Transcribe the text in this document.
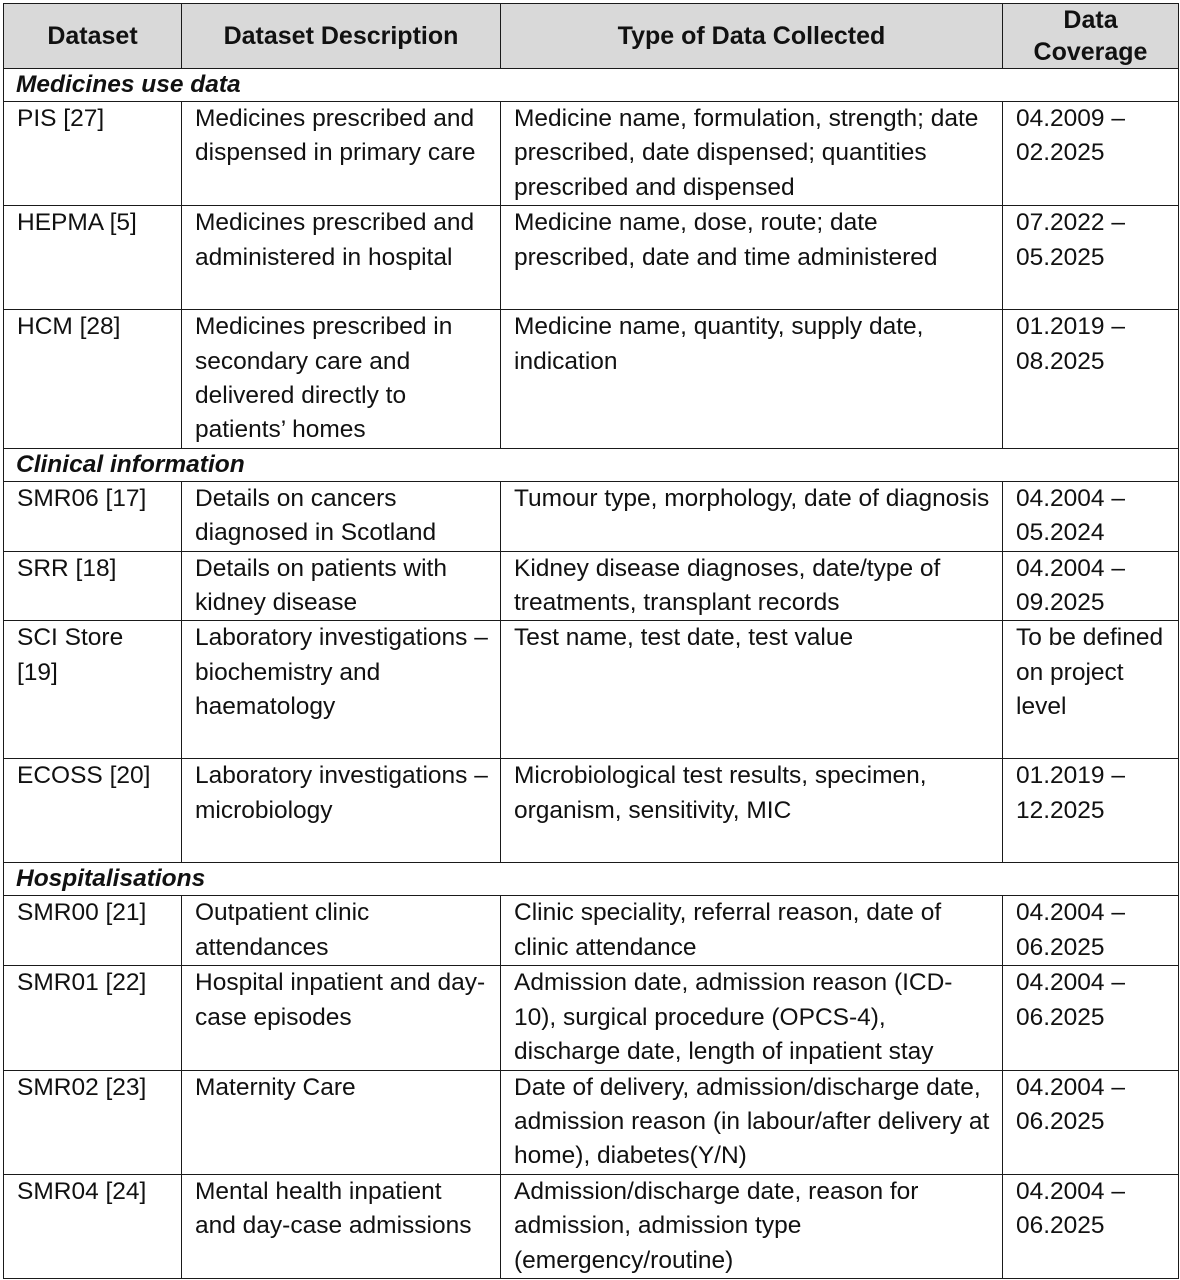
Dataset	Dataset Description	Type of Data Collected	Data Coverage
Medicines use data			
PIS [27]	Medicines prescribed and dispensed in primary care	Medicine name, formulation, strength; date prescribed, date dispensed; quantities prescribed and dispensed	04.2009 – 02.2025
HEPMA [5]	Medicines prescribed and administered in hospital	Medicine name, dose, route; date prescribed, date and time administered	07.2022 – 05.2025
HCM [28]	Medicines prescribed in secondary care and delivered directly to patients’ homes	Medicine name, quantity, supply date, indication	01.2019 – 08.2025
Clinical information			
SMR06 [17]	Details on cancers diagnosed in Scotland	Tumour type, morphology, date of diagnosis	04.2004 – 05.2024
SRR [18]	Details on patients with kidney disease	Kidney disease diagnoses, date/type of treatments, transplant records	04.2004 – 09.2025
SCI Store [19]	Laboratory investigations – biochemistry and haematology	Test name, test date, test value	To be defined on project level
ECOSS [20]	Laboratory investigations – microbiology	Microbiological test results, specimen, organism, sensitivity, MIC	01.2019 – 12.2025
Hospitalisations			
SMR00 [21]	Outpatient clinic attendances	Clinic speciality, referral reason, date of clinic attendance	04.2004 – 06.2025
SMR01 [22]	Hospital inpatient and day-case episodes	Admission date, admission reason (ICD-10), surgical procedure (OPCS-4), discharge date, length of inpatient stay	04.2004 – 06.2025
SMR02 [23]	Maternity Care	Date of delivery, admission/discharge date, admission reason (in labour/after delivery at home), diabetes(Y/N)	04.2004 – 06.2025
SMR04 [24]	Mental health inpatient and day-case admissions	Admission/discharge date, reason for admission, admission type (emergency/routine)	04.2004 – 06.2025
